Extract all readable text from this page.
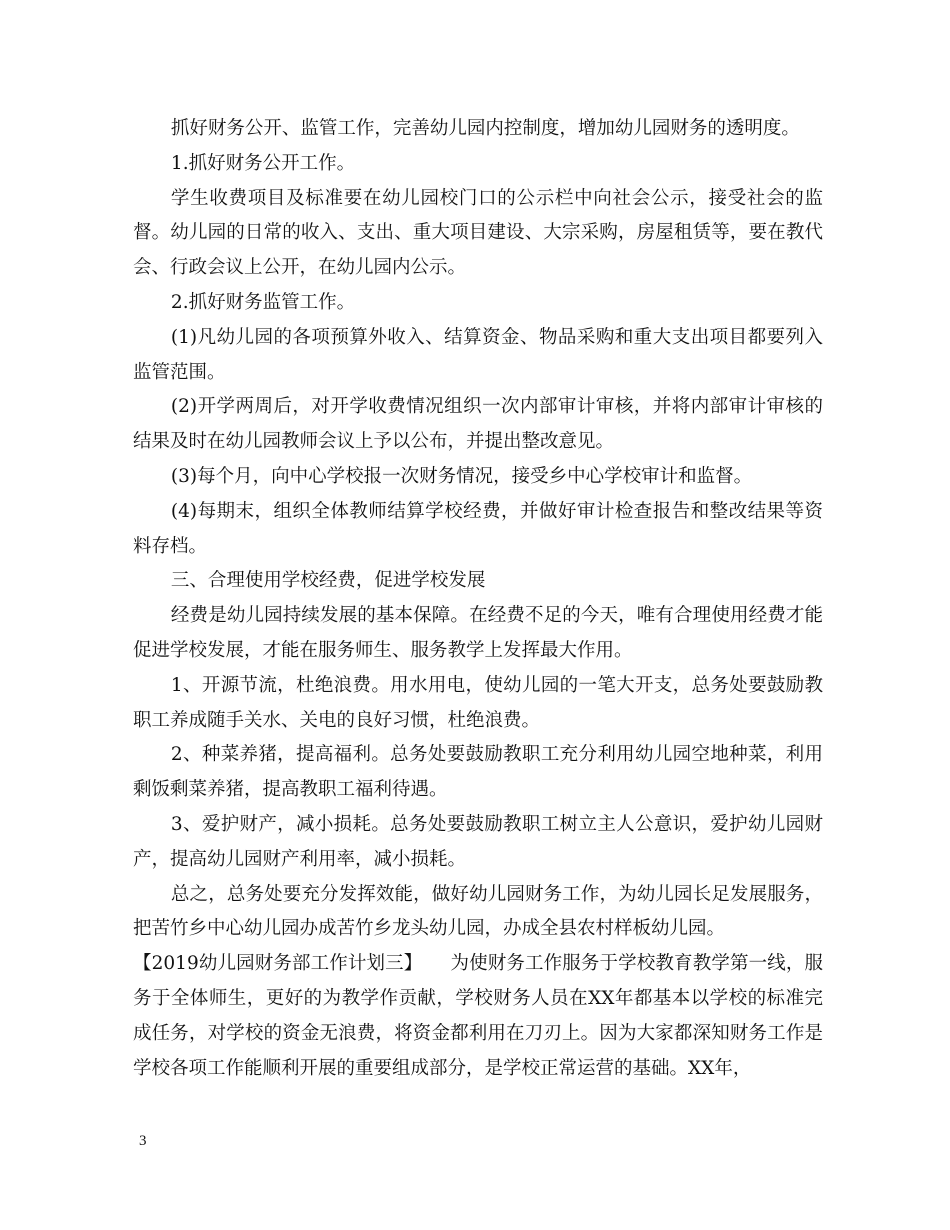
抓好财务公开、监管工作，完善幼儿园内控制度，增加幼儿园财务的透明度。

1.抓好财务公开工作。

学生收费项目及标准要在幼儿园校门口的公示栏中向社会公示，接受社会的监督。幼儿园的日常的收入、支出、重大项目建设、大宗采购，房屋租赁等，要在教代会、行政会议上公开，在幼儿园内公示。

2.抓好财务监管工作。

(1)凡幼儿园的各项预算外收入、结算资金、物品采购和重大支出项目都要列入监管范围。

(2)开学两周后，对开学收费情况组织一次内部审计审核，并将内部审计审核的结果及时在幼儿园教师会议上予以公布，并提出整改意见。

(3)每个月，向中心学校报一次财务情况，接受乡中心学校审计和监督。

(4)每期末，组织全体教师结算学校经费，并做好审计检查报告和整改结果等资料存档。

三、合理使用学校经费，促进学校发展

经费是幼儿园持续发展的基本保障。在经费不足的今天，唯有合理使用经费才能促进学校发展，才能在服务师生、服务教学上发挥最大作用。

1、开源节流，杜绝浪费。用水用电，使幼儿园的一笔大开支，总务处要鼓励教职工养成随手关水、关电的良好习惯，杜绝浪费。

2、种菜养猪，提高福利。总务处要鼓励教职工充分利用幼儿园空地种菜，利用剩饭剩菜养猪，提高教职工福利待遇。

3、爱护财产，减小损耗。总务处要鼓励教职工树立主人公意识，爱护幼儿园财产，提高幼儿园财产利用率，减小损耗。

总之，总务处要充分发挥效能，做好幼儿园财务工作，为幼儿园长足发展服务，把苦竹乡中心幼儿园办成苦竹乡龙头幼儿园，办成全县农村样板幼儿园。

【2019幼儿园财务部工作计划三】　　为使财务工作服务于学校教育教学第一线，服务于全体师生，更好的为教学作贡献，学校财务人员在XX年都基本以学校的标准完成任务，对学校的资金无浪费，将资金都利用在刀刃上。因为大家都深知财务工作是学校各项工作能顺利开展的重要组成部分，是学校正常运营的基础。XX年，

3
